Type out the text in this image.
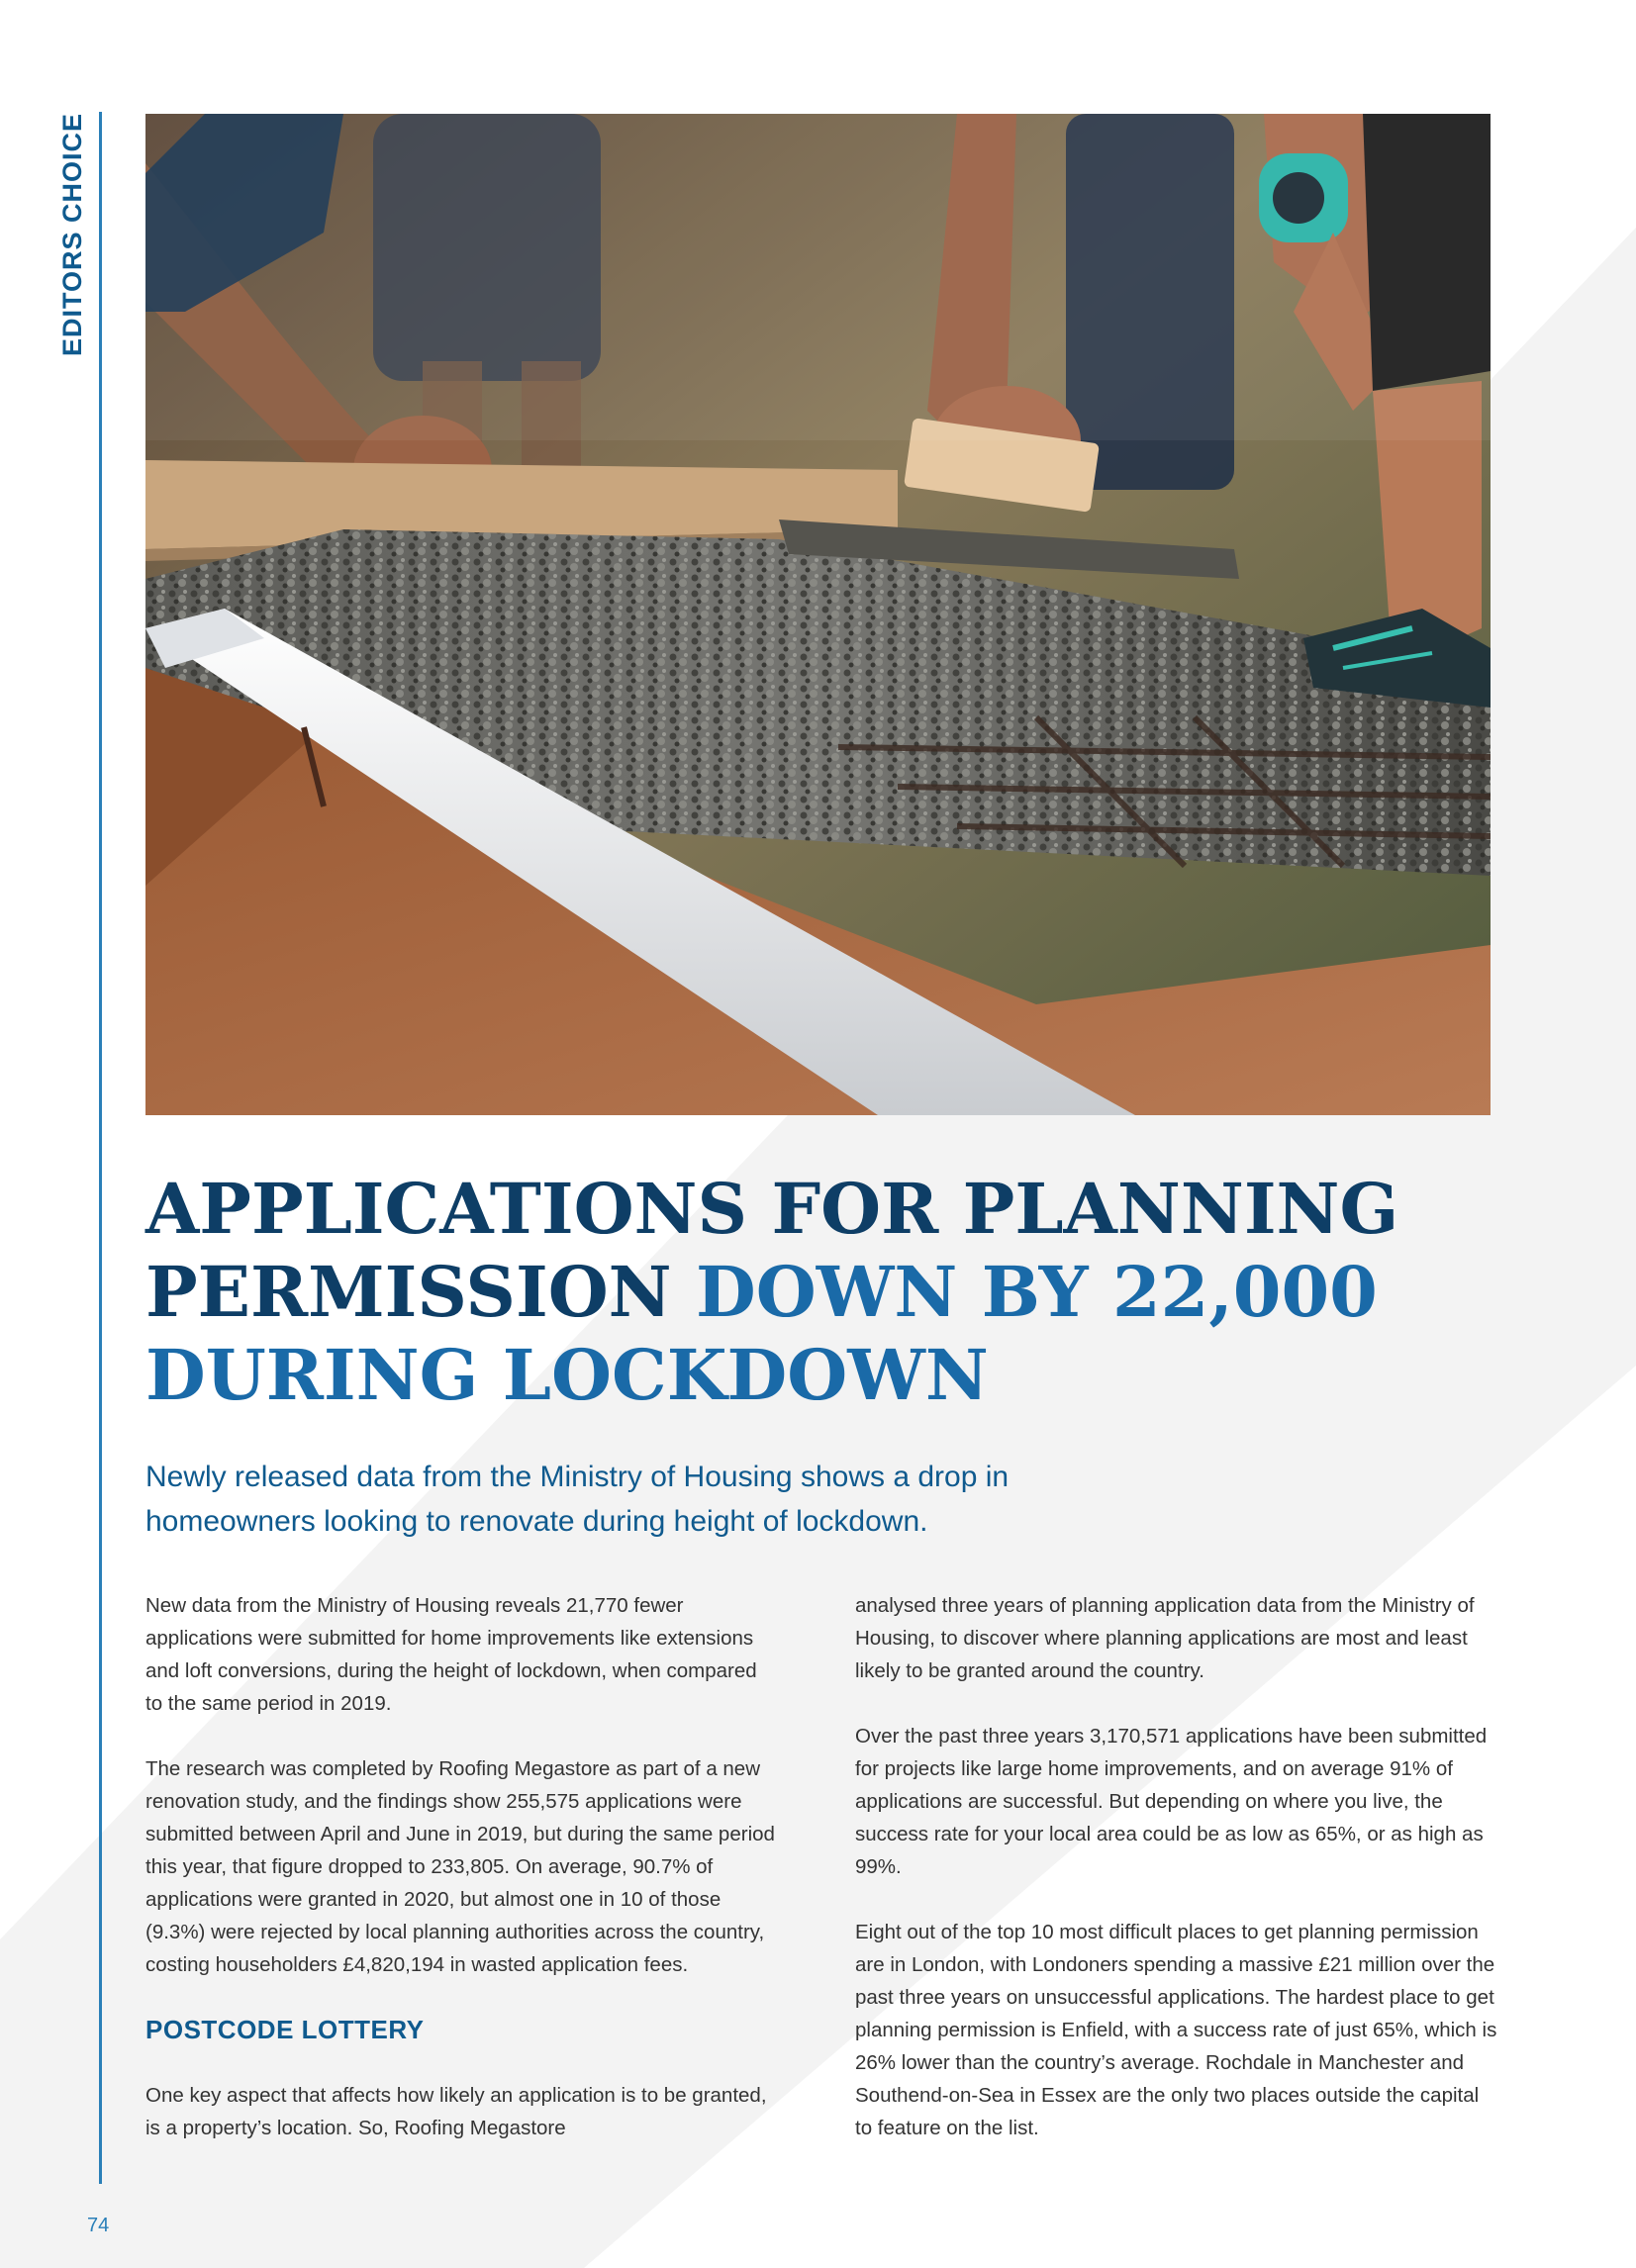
EDITORS CHOICE
APPLICATIONS FOR PLANNING
PERMISSION DOWN BY 22,000
DURING LOCKDOWN

Newly released data from the Ministry of Housing shows a drop in
homeowners looking to renovate during height of lockdown.

New data from the Ministry of Housing reveals 21,770 fewer applications were submitted for home improvements like extensions and loft conversions, during the height of lockdown, when compared to the same period in 2019.

The research was completed by Roofing Megastore as part of a new renovation study, and the findings show 255,575 applications were submitted between April and June in 2019, but during the same period this year, that figure dropped to 233,805. On average, 90.7% of applications were granted in 2020, but almost one in 10 of those (9.3%) were rejected by local planning authorities across the country, costing householders £4,820,194 in wasted application fees.

POSTCODE LOTTERY

One key aspect that affects how likely an application is to be granted, is a property’s location. So, Roofing Megastore

analysed three years of planning application data from the Ministry of Housing, to discover where planning applications are most and least likely to be granted around the country.

Over the past three years 3,170,571 applications have been submitted for projects like large home improvements, and on average 91% of applications are successful. But depending on where you live, the success rate for your local area could be as low as 65%, or as high as 99%.

Eight out of the top 10 most difficult places to get planning permission are in London, with Londoners spending a massive £21 million over the past three years on unsuccessful applications. The hardest place to get planning permission is Enfield, with a success rate of just 65%, which is 26% lower than the country’s average. Rochdale in Manchester and Southend-on-Sea in Essex are the only two places outside the capital to feature on the list.

74
